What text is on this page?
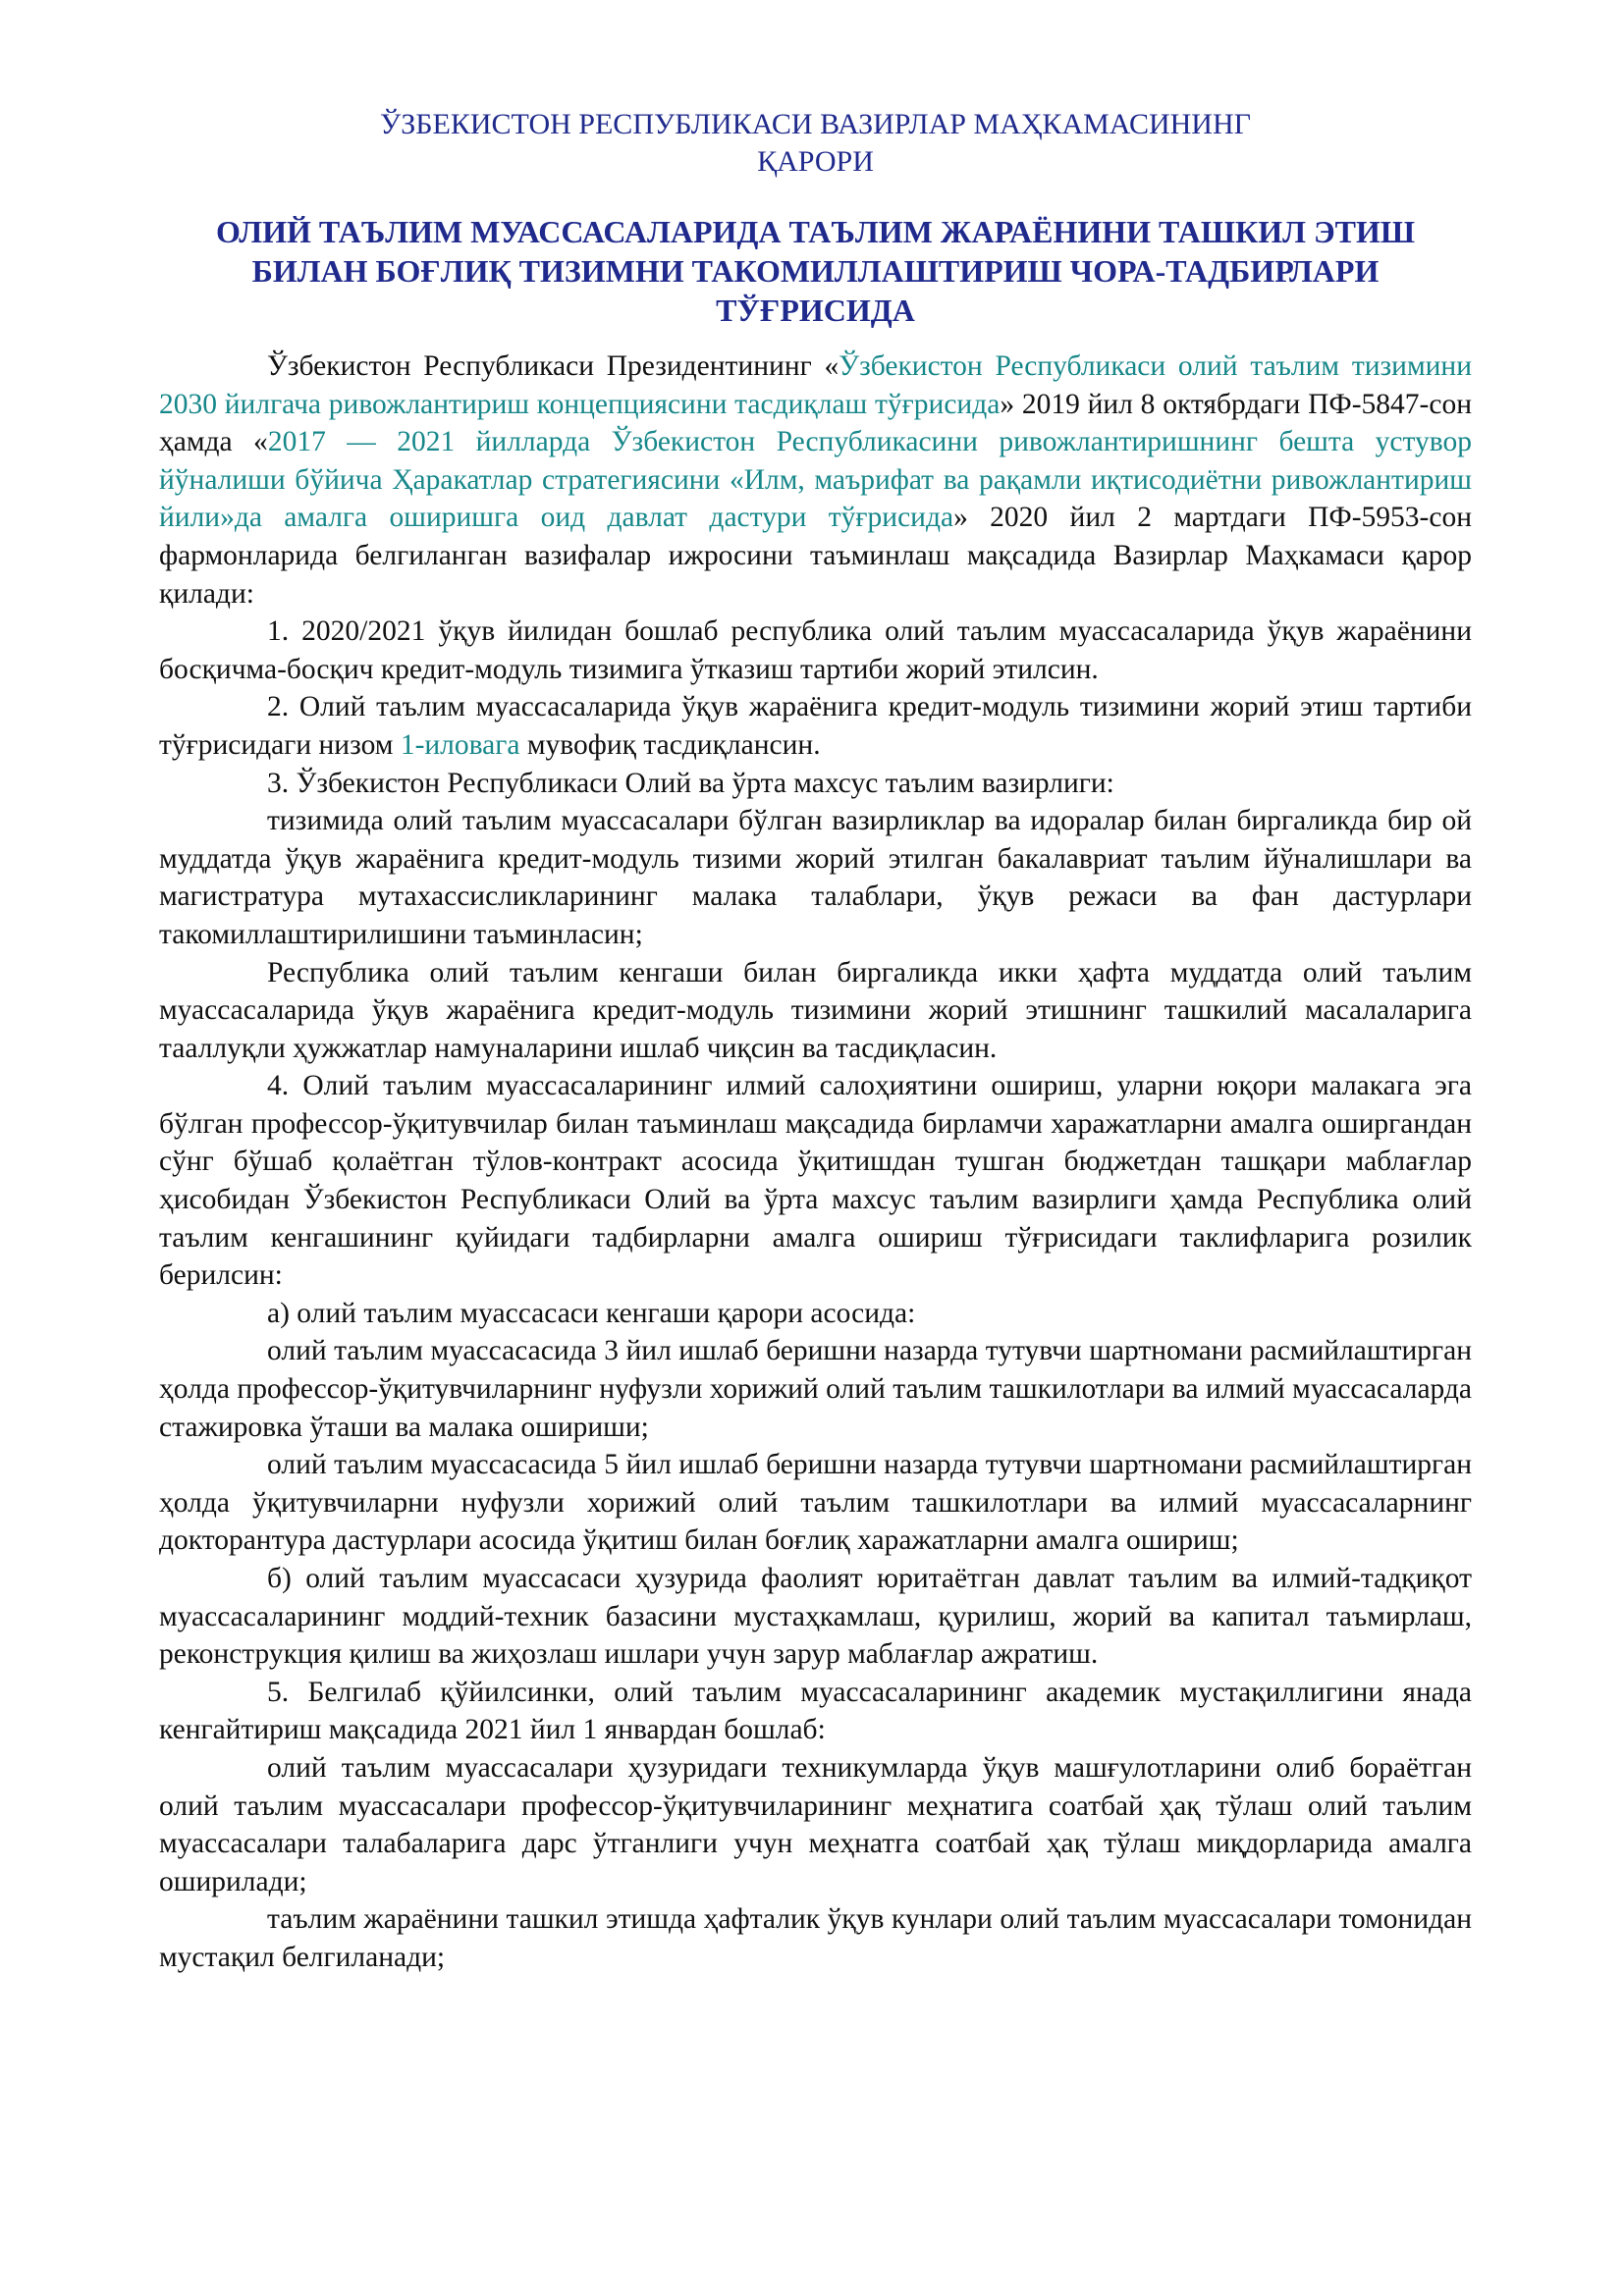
ЎЗБЕКИСТОН РЕСПУБЛИКАСИ ВАЗИРЛАР МАҲКАМАСИНИНГ
ҚАРОРИ
ОЛИЙ ТАЪЛИМ МУАССАСАЛАРИДА ТАЪЛИМ ЖАРАЁНИНИ ТАШКИЛ ЭТИШ
БИЛАН БОҒЛИҚ ТИЗИМНИ ТАКОМИЛЛАШТИРИШ ЧОРА-ТАДБИРЛАРИ
ТЎҒРИСИДА

Ўзбекистон Республикаси Президентининг «Ўзбекистон Республикаси олий таълим тизимини 2030 йилгача ривожлантириш концепциясини тасдиқлаш тўғрисида» 2019 йил 8 октябрдаги ПФ-5847-сон ҳамда «2017 — 2021 йилларда Ўзбекистон Республикасини ривожлантиришнинг бешта устувор йўналиши бўйича Ҳаракатлар стратегиясини «Илм, маърифат ва рақамли иқтисодиётни ривожлантириш йили»да амалга оширишга оид давлат дастури тўғрисида» 2020 йил 2 мартдаги ПФ-5953-сон фармонларида белгиланган вазифалар ижросини таъминлаш мақсадида Вазирлар Маҳкамаси қарор қилади:

1. 2020/2021 ўқув йилидан бошлаб республика олий таълим муассасаларида ўқув жараёнини босқичма-босқич кредит-модуль тизимига ўтказиш тартиби жорий этилсин.

2. Олий таълим муассасаларида ўқув жараёнига кредит-модуль тизимини жорий этиш тартиби тўғрисидаги низом 1-иловага мувофиқ тасдиқлансин.

3. Ўзбекистон Республикаси Олий ва ўрта махсус таълим вазирлиги:

тизимида олий таълим муассасалари бўлган вазирликлар ва идоралар билан биргаликда бир ой муддатда ўқув жараёнига кредит-модуль тизими жорий этилган бакалавриат таълим йўналишлари ва магистратура мутахассисликларининг малака талаблари, ўқув режаси ва фан дастурлари такомиллаштирилишини таъминласин;

Республика олий таълим кенгаши билан биргаликда икки ҳафта муддатда олий таълим муассасаларида ўқув жараёнига кредит-модуль тизимини жорий этишнинг ташкилий масалаларига тааллуқли ҳужжатлар намуналарини ишлаб чиқсин ва тасдиқласин.

4. Олий таълим муассасаларининг илмий салоҳиятини ошириш, уларни юқори малакага эга бўлган профессор-ўқитувчилар билан таъминлаш мақсадида бирламчи харажатларни амалга оширгандан сўнг бўшаб қолаётган тўлов-контракт асосида ўқитишдан тушган бюджетдан ташқари маблағлар ҳисобидан Ўзбекистон Республикаси Олий ва ўрта махсус таълим вазирлиги ҳамда Республика олий таълим кенгашининг қуйидаги тадбирларни амалга ошириш тўғрисидаги таклифларига розилик берилсин:

а) олий таълим муассасаси кенгаши қарори асосида:

олий таълим муассасасида 3 йил ишлаб беришни назарда тутувчи шартномани расмийлаштирган ҳолда профессор-ўқитувчиларнинг нуфузли хорижий олий таълим ташкилотлари ва илмий муассасаларда стажировка ўташи ва малака ошириши;

олий таълим муассасасида 5 йил ишлаб беришни назарда тутувчи шартномани расмийлаштирган ҳолда ўқитувчиларни нуфузли хорижий олий таълим ташкилотлари ва илмий муассасаларнинг докторантура дастурлари асосида ўқитиш билан боғлиқ харажатларни амалга ошириш;

б) олий таълим муассасаси ҳузурида фаолият юритаётган давлат таълим ва илмий-тадқиқот муассасаларининг моддий-техник базасини мустаҳкамлаш, қурилиш, жорий ва капитал таъмирлаш, реконструкция қилиш ва жиҳозлаш ишлари учун зарур маблағлар ажратиш.

5. Белгилаб қўйилсинки, олий таълим муассасаларининг академик мустақиллигини янада кенгайтириш мақсадида 2021 йил 1 январдан бошлаб:

олий таълим муассасалари ҳузуридаги техникумларда ўқув машғулотларини олиб бораётган олий таълим муассасалари профессор-ўқитувчиларининг меҳнатига соатбай ҳақ тўлаш олий таълим муассасалари талабаларига дарс ўтганлиги учун меҳнатга соатбай ҳақ тўлаш миқдорларида амалга оширилади;

таълим жараёнини ташкил этишда ҳафталик ўқув кунлари олий таълим муассасалари томонидан мустақил белгиланади;
